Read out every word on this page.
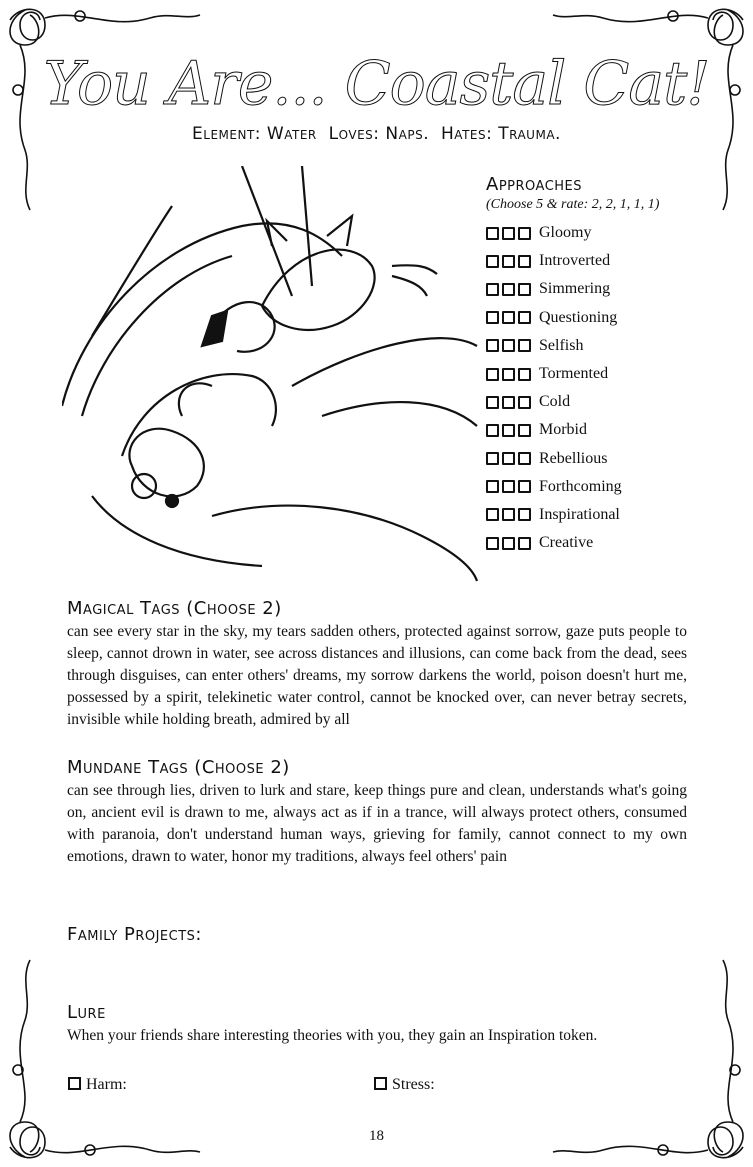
You Are... Coastal Cat!
Element: Water Loves: Naps. Hates: Trauma.
Approaches
(Choose 5 & rate: 2, 2, 1, 1, 1)
Gloomy
Introverted
Simmering
Questioning
Selfish
Tormented
Cold
Morbid
Rebellious
Forthcoming
Inspirational
Creative
Magical Tags (Choose 2)

can see every star in the sky, my tears sadden others, protected against sorrow, gaze puts people to sleep, cannot drown in water, see across distances and illusions, can come back from the dead, sees through disguises, can enter others' dreams, my sorrow darkens the world, poison doesn't hurt me, possessed by a spirit, telekinetic water control, cannot be knocked over, can never betray secrets, invisible while holding breath, admired by all

Mundane Tags (Choose 2)

can see through lies, driven to lurk and stare, keep things pure and clean, understands what's going on, ancient evil is drawn to me, always act as if in a trance, will always protect others, consumed with paranoia, don't understand human ways, grieving for family, cannot connect to my own emotions, drawn to water, honor my traditions, always feel others' pain

Family Projects:
Lure

When your friends share interesting theories with you, they gain an Inspiration token.

Harm:	Stress:
18
